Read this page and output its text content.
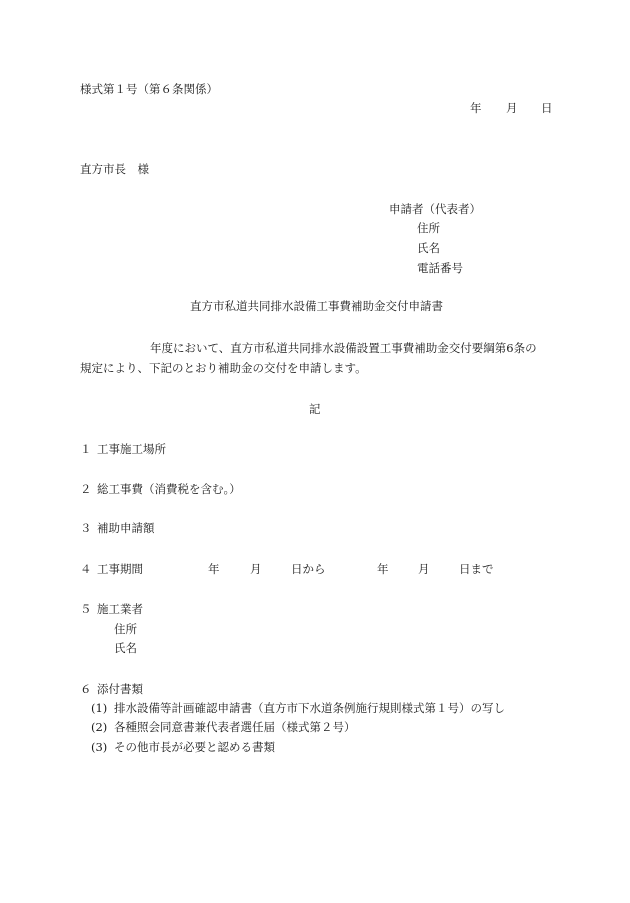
様式第１号（第６条関係）
年 月 日
直方市長　様
申請者（代表者）
住所
氏名
電話番号
直方市私道共同排水設備工事費補助金交付申請書
年度において、直方市私道共同排水設備設置工事費補助金交付要綱第6条の
規定により、下記のとおり補助金の交付を申請します。
記
１ 工事施工場所
２ 総工事費（消費税を含む。）
３ 補助申請額
４ 工事期間	年	月	日から	年	月	日まで
５ 施工業者
住所
氏名
６ 添付書類
(1) 排水設備等計画確認申請書（直方市下水道条例施行規則様式第１号）の写し
(2) 各種照会同意書兼代表者選任届（様式第２号）
(3) その他市長が必要と認める書類
